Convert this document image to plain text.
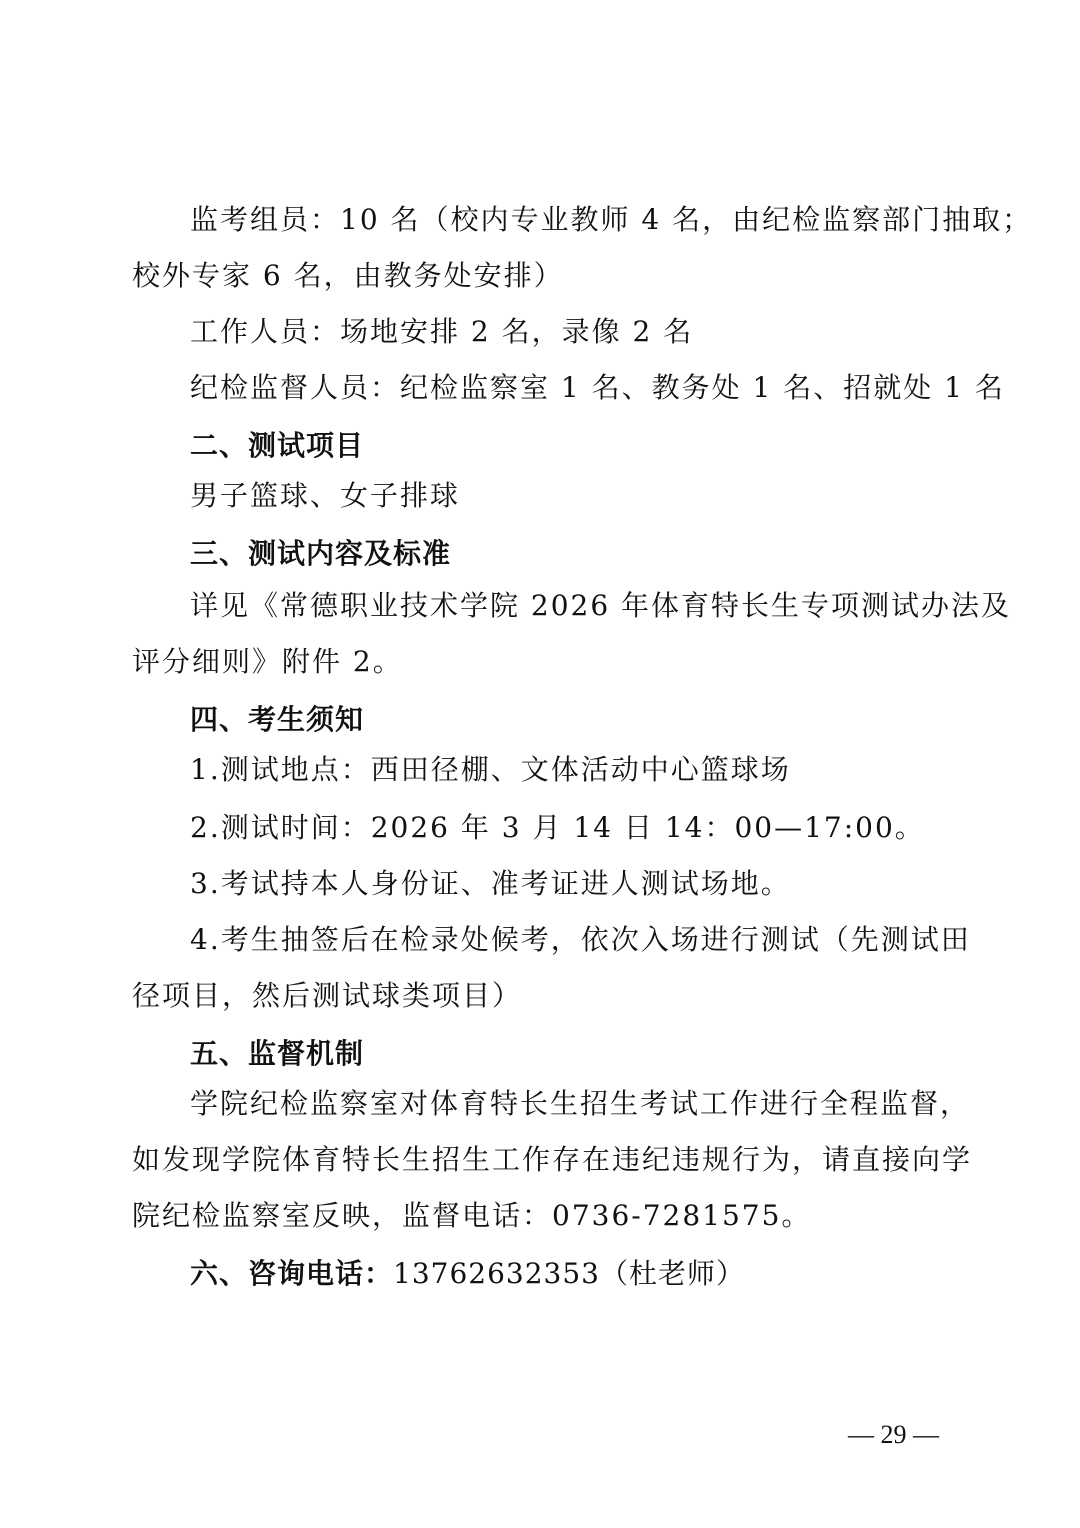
监考组员：10 名（校内专业教师 4 名，由纪检监察部门抽取；
校外专家 6 名，由教务处安排）
工作人员：场地安排 2 名，录像 2 名
纪检监督人员：纪检监察室 1 名、教务处 1 名、招就处 1 名
二、测试项目
男子篮球、女子排球
三、测试内容及标准
详见《常德职业技术学院 2026 年体育特长生专项测试办法及
评分细则》附件 2。
四、考生须知
1.测试地点：西田径棚、文体活动中心篮球场
2.测试时间：2026 年 3 月 14 日 14：00—17:00。
3.考试持本人身份证、准考证进人测试场地。
4.考生抽签后在检录处候考，依次入场进行测试（先测试田
径项目，然后测试球类项目）
五、监督机制
学院纪检监察室对体育特长生招生考试工作进行全程监督，
如发现学院体育特长生招生工作存在违纪违规行为，请直接向学
院纪检监察室反映，监督电话：0736-7281575。
六、咨询电话：13762632353（杜老师）
— 29 —
